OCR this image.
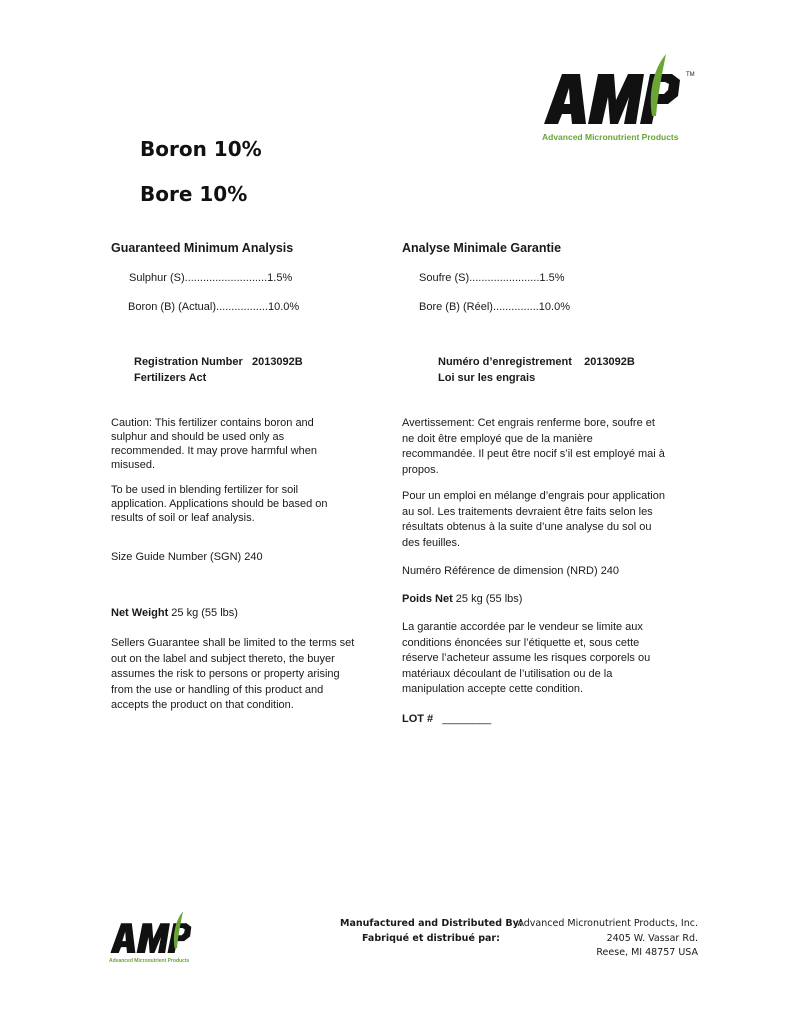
TM
Advanced Micronutrient Products
Boron 10%
Bore 10%
Guaranteed Minimum Analysis
Sulphur (S)...........................1.5%
Boron (B) (Actual).................10.0%
Analyse Minimale Garantie
Soufre (S).......................1.5%
Bore (B) (Réel)...............10.0%
Registration Number   2013092B
Fertilizers Act
Numéro d’enregistrement    2013092B
Loi sur les engrais
Caution: This fertilizer contains boron and sulphur and should be used only as recommended. It may prove harmful when misused.
To be used in blending fertilizer for soil application. Applications should be based on results of soil or leaf analysis.
Size Guide Number (SGN) 240
Net Weight 25 kg (55 lbs)
Sellers Guarantee shall be limited to the terms set out on the label and subject thereto, the buyer assumes the risk to persons or property arising from the use or handling of this product and accepts the product on that condition.
Avertissement: Cet engrais renferme bore, soufre et ne doit être employé que de la manière recommandée. Il peut être nocif s’il est employé mai à propos.
Pour un emploi en mélange d’engrais pour application au sol. Les traitements devraient être faits selon les résultats obtenus à la suite d’une analyse du sol ou des feuilles.
Numéro Référence de dimension (NRD) 240
Poids Net 25 kg (55 lbs)
La garantie accordée par le vendeur se limite aux conditions énoncées sur l’étiquette et, sous cette réserve l’acheteur assume les risques corporels ou matériaux découlant de l’utilisation ou de la manipulation accepte cette condition.
LOT # ________
Advanced Micronutrient Products
Manufactured and Distributed By:
Fabriqué et distribué par:
Advanced Micronutrient Products, Inc.
2405 W. Vassar Rd.
Reese, MI 48757 USA
